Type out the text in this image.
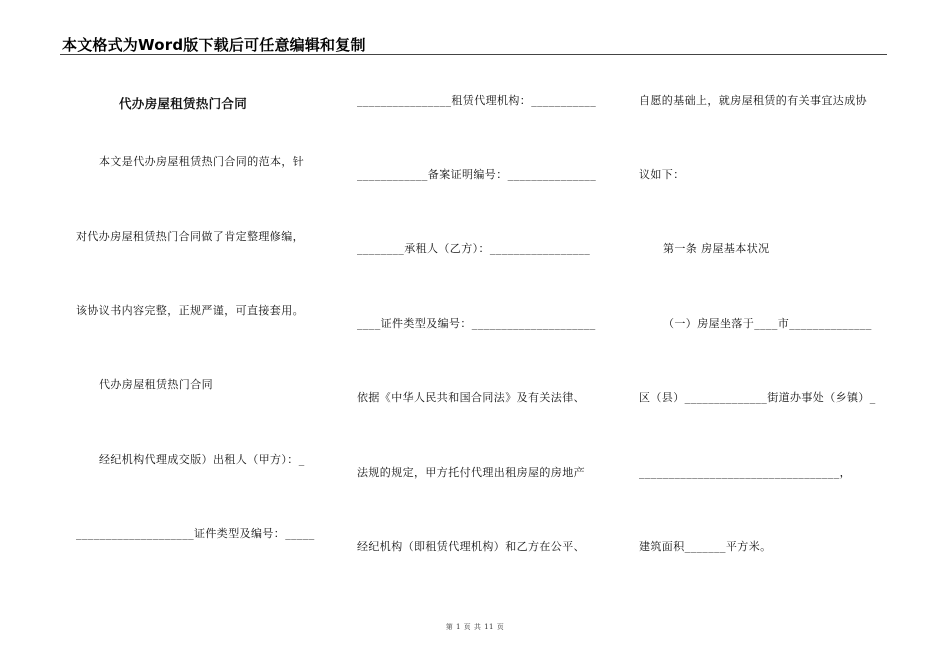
本文格式为Word版下载后可任意编辑和复制
代办房屋租赁热门合同
本文是代办房屋租赁热门合同的范本，针
对代办房屋租赁热门合同做了肯定整理修编，
该协议书内容完整，正规严谨，可直接套用。
代办房屋租赁热门合同
经纪机构代理成交版）出租人（甲方）：_
____________________证件类型及编号：_____
________________租赁代理机构：___________
____________备案证明编号：_______________
________承租人（乙方）：_________________
____证件类型及编号：_____________________
依据《中华人民共和国合同法》及有关法律、
法规的规定，甲方托付代理出租房屋的房地产
经纪机构（即租赁代理机构）和乙方在公平、
自愿的基础上，就房屋租赁的有关事宜达成协
议如下：
第一条 房屋基本状况
（一）房屋坐落于____市______________
区（县）______________街道办事处（乡镇）_
__________________________________，
建筑面积_______平方米。
第 1 页 共 11 页
